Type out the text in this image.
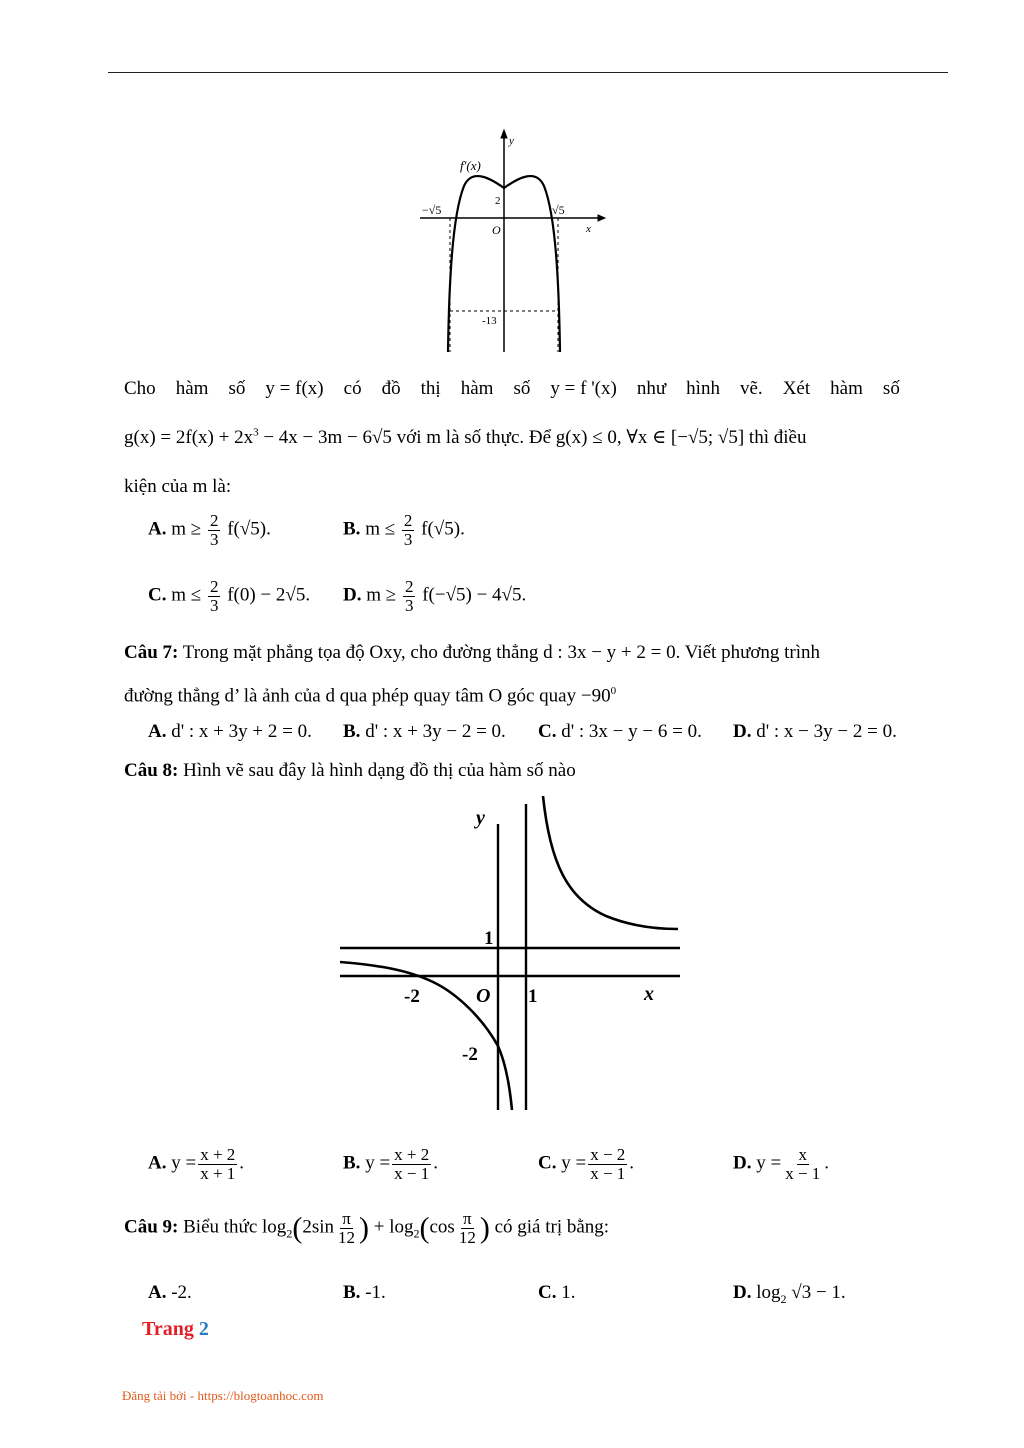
y
f'(x)
2
−√5	√5
O	x
-13
Cho hàm số y = f(x) có đồ thị hàm số y = f '(x) như hình vẽ. Xét hàm số
$g(x) = 2f(x) + 2x^3 - 4x - 3m - 6√5$ với m là số thực. Để g(x) ≤ 0, ∀x ∈ [−√5; √5] thì điều
kiện của m là:
A. $m \ge \frac{2}{3} f(√5)$.	B. $m \le \frac{2}{3} f(√5)$.
C. $m \le \frac{2}{3} f(0) - 2√5$. D. $m \ge \frac{2}{3} f(-√5) - 4√5$.
Câu 7: Trong mặt phẳng tọa độ Oxy, cho đường thẳng d : 3x − y + 2 = 0. Viết phương trình
đường thẳng d’ là ảnh của d qua phép quay tâm O góc quay $-90^0$
A. d' : x + 3y + 2 = 0. B. d' : x + 3y − 2 = 0. C. d' : 3x − y − 6 = 0. D. d' : x − 3y − 2 = 0.
Câu 8: Hình vẽ sau đây là hình dạng đồ thị của hàm số nào
y
1
-2	O 1	x
-2
A. $y = \frac{x + 2}{x + 1}$ .	B. $y = \frac{x + 2}{x - 1}$ .	C. $y = \frac{x - 2}{x - 1}$ .	D. $y = \frac{x}{x - 1}$ .
Câu 9: Biểu thức $\log_2(2\sin \frac{\pi}{12}$ ) + $\log_2(\cos \frac{\pi}{12}$ ) có giá trị bằng:
A. -2.	B. -1.	C. 1.	D. $\log_2 √3 - 1$.
Trang 2
Đăng tải bởi - https://blogtoanhoc.com
